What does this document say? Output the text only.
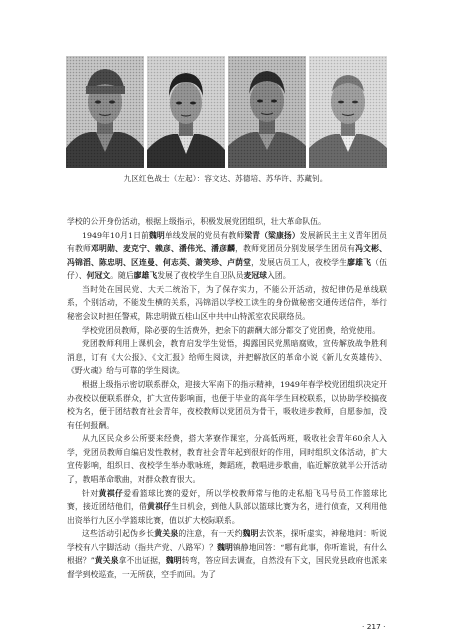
九区红色战士（左起）：容文达、苏德培、苏华许、苏藏钊。

学校的公开身份活动，根据上级指示，积极发展党团组织，壮大革命队伍。

1949年10月1日前魏明单线发展的党员有教师梁青（梁康扬）发展新民主主义青年团员有教师邓明勋、麦克宁、赖彦、潘伟光、潘彦麟，教师党团员分别发展学生团员有冯文彬、冯锦滔、陈忠明、区连曼、何志英、萧笑珍、卢荫堂，发展店员工人，夜校学生廖雄飞（伍仔）、何冠文。随后廖雄飞发展了夜校学生自卫队员麦冠球入团。

当时处在国民党、大天二统治下，为了保存实力，不能公开活动，按纪律仍是单线联系，个别活动，不能发生横的关系，冯锦滔以学校工读生的身份做秘密交通传送信件，举行秘密会议时担任警戒，陈忠明做五桂山区中共中山特派室农民联络员。

学校党团员教师，除必要的生活费外，把余下的薪酬大部分都交了党团费，给党使用。

党团教师利用上课机会，教育启发学生觉悟，揭露国民党黑暗腐败，宣传解放战争胜利消息，订有《大公报》、《文汇报》给师生阅读，并把解放区的革命小说《新儿女英雄传》、《野火魂》给与可靠的学生阅读。

根据上级指示密切联系群众，迎接大军南下的指示精神，1949年春学校党团组织决定开办夜校以便联系群众，扩大宣传影响面，也便于毕业的高年学生回校联系，以协助学校搞夜校为名，便于团结教育社会青年，夜校教师以党团员为骨干，吸收进步教师，自愿参加，没有任何报酬。

从九区民众乡公所要来经费，搭大茅寮作课室，分高低两班，吸收社会青年60余人入学，党团员教师自编启发性教材，教育社会青年起到很好的作用，同时组织文体活动，扩大宣传影响，组织日、夜校学生举办歌咏班，舞蹈班，教唱进步歌曲，临近解放就半公开活动了，教唱革命歌曲，对群众教育很大。

针对黄祺仔爱看篮球比赛的爱好，所以学校教师常与他的走私船飞马号员工作篮球比赛，接近团结他们，借黄祺仔生日机会，到他人队部以篮球比赛为名，进行侦查，又利用他出资举行九区小学篮球比赛，值以扩大校际联系。

这些活动引起伪乡长黄关泉的注意，有一天约魏明去饮茶，探听虚实，神秘地问：听说学校有八字脚活动（指共产党、八路军）？魏明镇静地回答：“哪有此事，你听谁说，有什么根据？”黄关泉拿不出证据，魏明转弯，答应回去调查，自然没有下文，国民党县政府也派来督学到校巡查，一无所获，空手而回。为了

· 217 ·
